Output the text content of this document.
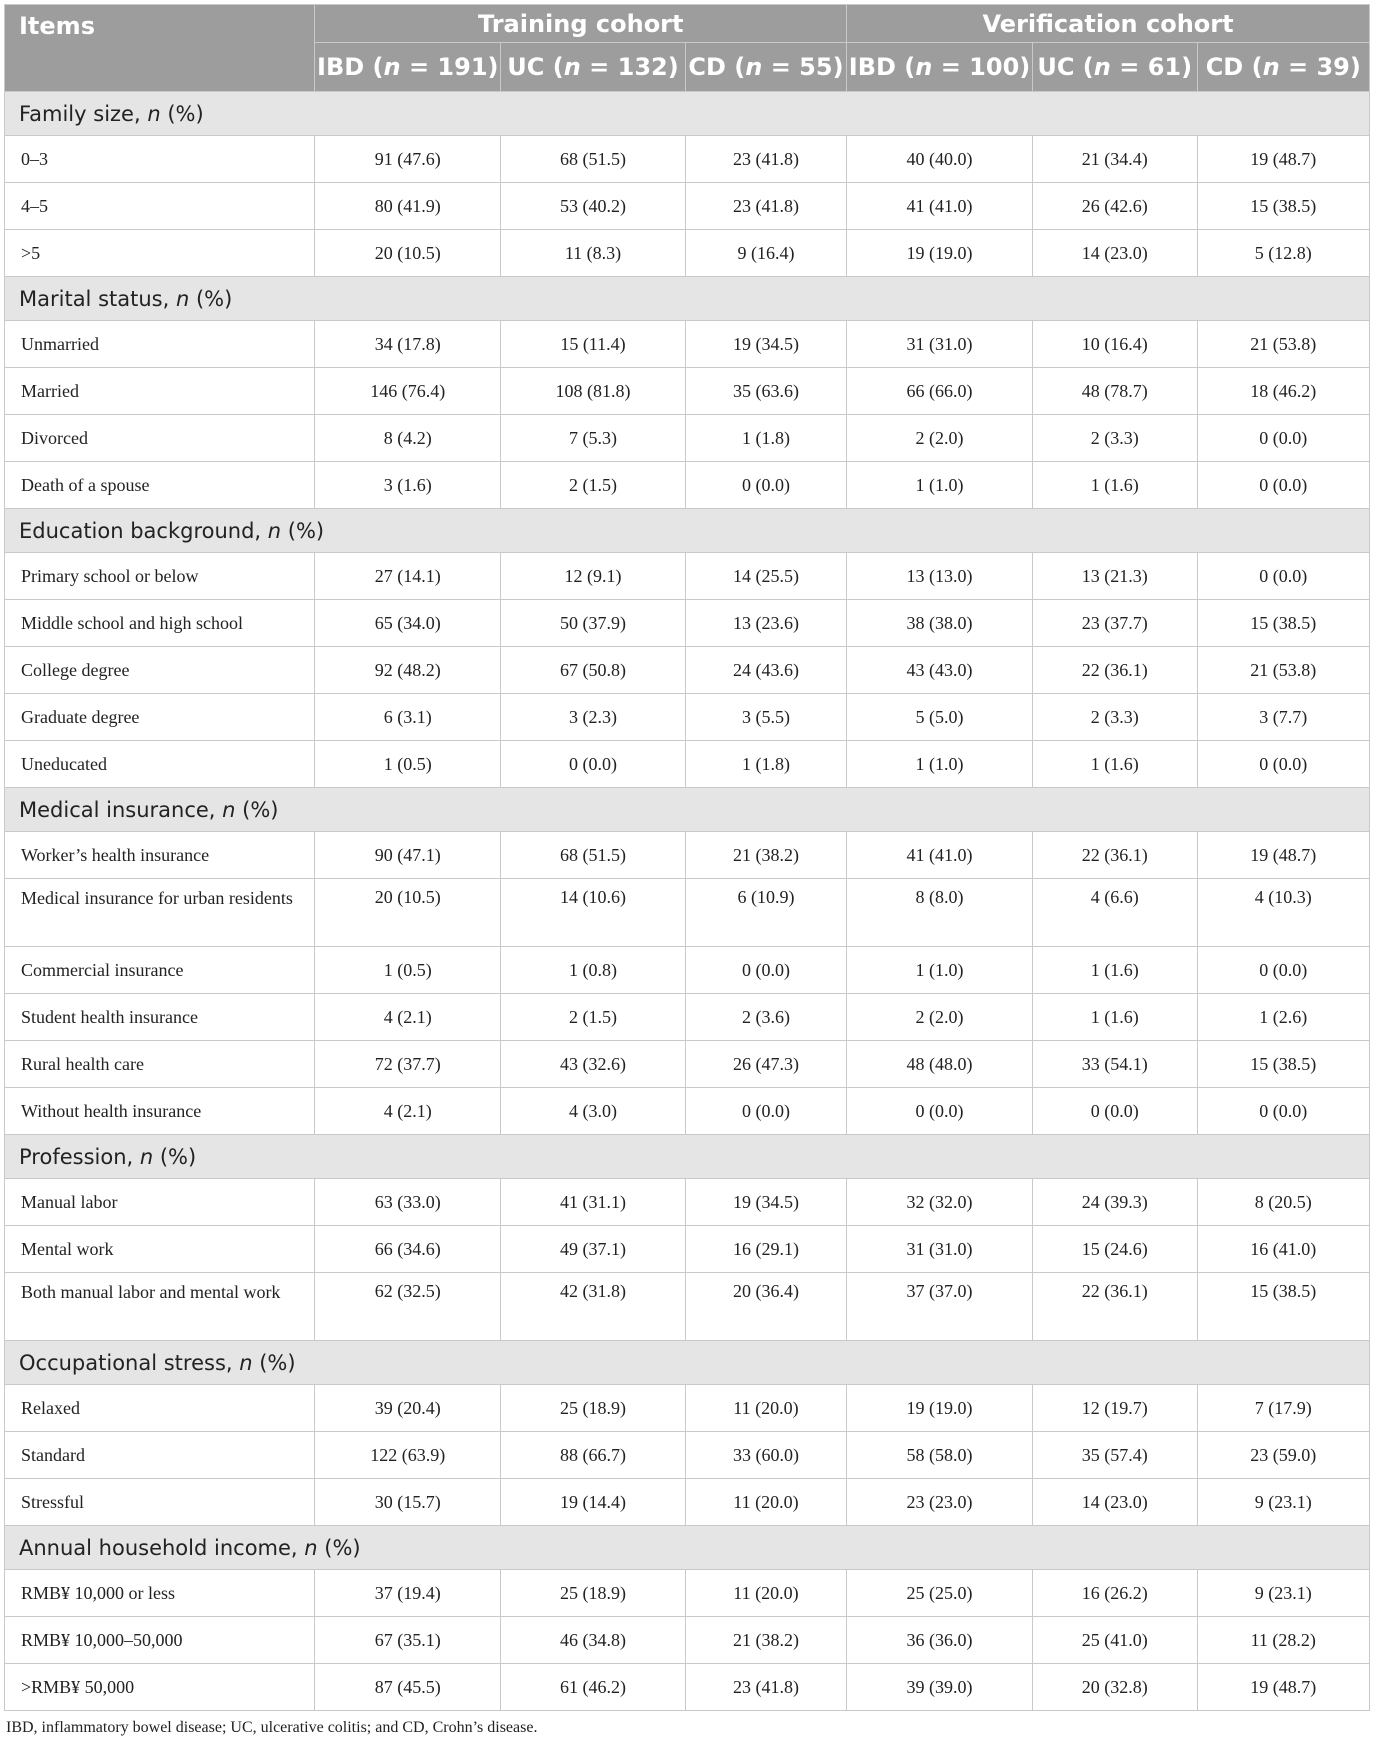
Items	Training cohort			Verification cohort		
	IBD (n = 191)	UC (n = 132)	CD (n = 55)	IBD (n = 100)	UC (n = 61)	CD (n = 39)
Family size, n (%)						
0–3	91 (47.6)	68 (51.5)	23 (41.8)	40 (40.0)	21 (34.4)	19 (48.7)
4–5	80 (41.9)	53 (40.2)	23 (41.8)	41 (41.0)	26 (42.6)	15 (38.5)
>5	20 (10.5)	11 (8.3)	9 (16.4)	19 (19.0)	14 (23.0)	5 (12.8)
Marital status, n (%)						
Unmarried	34 (17.8)	15 (11.4)	19 (34.5)	31 (31.0)	10 (16.4)	21 (53.8)
Married	146 (76.4)	108 (81.8)	35 (63.6)	66 (66.0)	48 (78.7)	18 (46.2)
Divorced	8 (4.2)	7 (5.3)	1 (1.8)	2 (2.0)	2 (3.3)	0 (0.0)
Death of a spouse	3 (1.6)	2 (1.5)	0 (0.0)	1 (1.0)	1 (1.6)	0 (0.0)
Education background, n (%)						
Primary school or below	27 (14.1)	12 (9.1)	14 (25.5)	13 (13.0)	13 (21.3)	0 (0.0)
Middle school and high school	65 (34.0)	50 (37.9)	13 (23.6)	38 (38.0)	23 (37.7)	15 (38.5)
College degree	92 (48.2)	67 (50.8)	24 (43.6)	43 (43.0)	22 (36.1)	21 (53.8)
Graduate degree	6 (3.1)	3 (2.3)	3 (5.5)	5 (5.0)	2 (3.3)	3 (7.7)
Uneducated	1 (0.5)	0 (0.0)	1 (1.8)	1 (1.0)	1 (1.6)	0 (0.0)
Medical insurance, n (%)						
Worker’s health insurance	90 (47.1)	68 (51.5)	21 (38.2)	41 (41.0)	22 (36.1)	19 (48.7)
Medical insurance for urban residents	20 (10.5)	14 (10.6)	6 (10.9)	8 (8.0)	4 (6.6)	4 (10.3)
Commercial insurance	1 (0.5)	1 (0.8)	0 (0.0)	1 (1.0)	1 (1.6)	0 (0.0)
Student health insurance	4 (2.1)	2 (1.5)	2 (3.6)	2 (2.0)	1 (1.6)	1 (2.6)
Rural health care	72 (37.7)	43 (32.6)	26 (47.3)	48 (48.0)	33 (54.1)	15 (38.5)
Without health insurance	4 (2.1)	4 (3.0)	0 (0.0)	0 (0.0)	0 (0.0)	0 (0.0)
Profession, n (%)						
Manual labor	63 (33.0)	41 (31.1)	19 (34.5)	32 (32.0)	24 (39.3)	8 (20.5)
Mental work	66 (34.6)	49 (37.1)	16 (29.1)	31 (31.0)	15 (24.6)	16 (41.0)
Both manual labor and mental work	62 (32.5)	42 (31.8)	20 (36.4)	37 (37.0)	22 (36.1)	15 (38.5)
Occupational stress, n (%)						
Relaxed	39 (20.4)	25 (18.9)	11 (20.0)	19 (19.0)	12 (19.7)	7 (17.9)
Standard	122 (63.9)	88 (66.7)	33 (60.0)	58 (58.0)	35 (57.4)	23 (59.0)
Stressful	30 (15.7)	19 (14.4)	11 (20.0)	23 (23.0)	14 (23.0)	9 (23.1)
Annual household income, n (%)						
RMB¥ 10,000 or less	37 (19.4)	25 (18.9)	11 (20.0)	25 (25.0)	16 (26.2)	9 (23.1)
RMB¥ 10,000–50,000	67 (35.1)	46 (34.8)	21 (38.2)	36 (36.0)	25 (41.0)	11 (28.2)
>RMB¥ 50,000	87 (45.5)	61 (46.2)	23 (41.8)	39 (39.0)	20 (32.8)	19 (48.7)
IBD, inflammatory bowel disease; UC, ulcerative colitis; and CD, Crohn’s disease.
